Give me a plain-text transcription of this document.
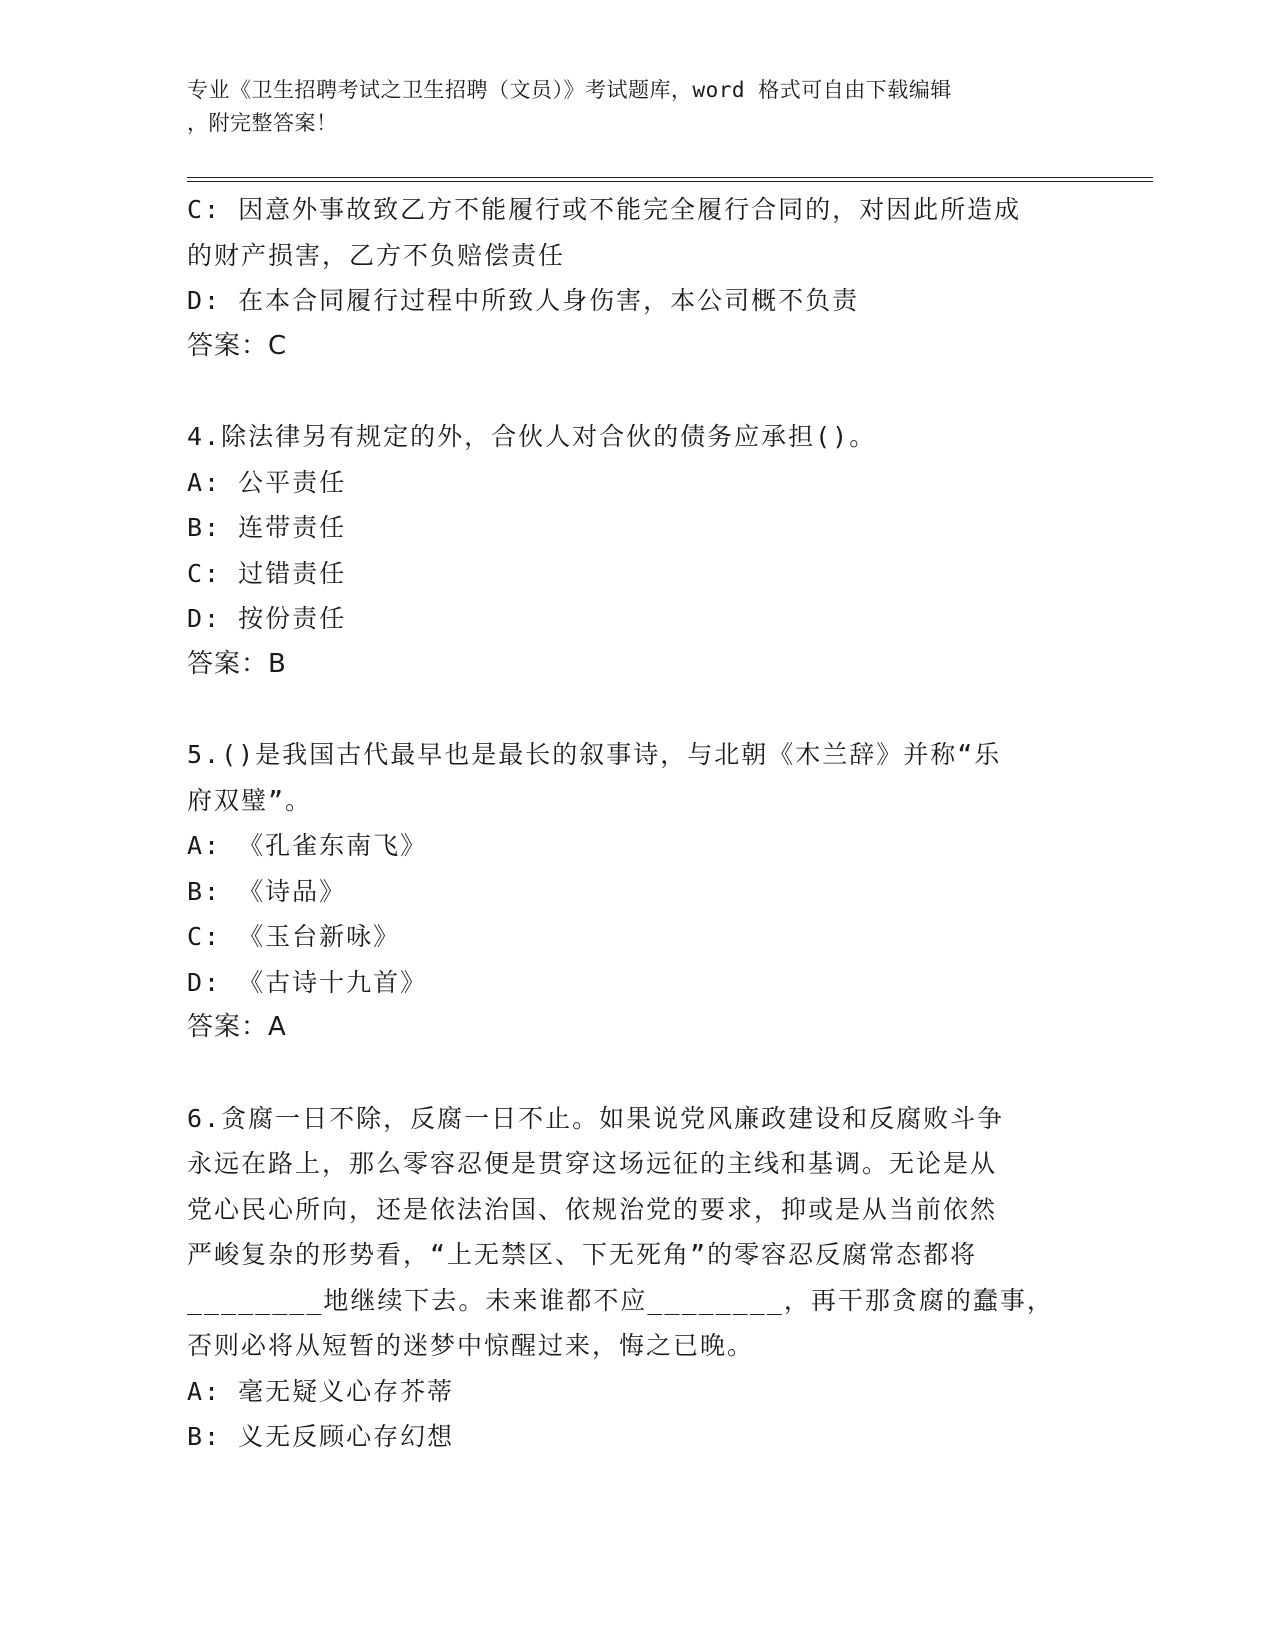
专业《卫生招聘考试之卫生招聘（文员）》考试题库，word 格式可自由下载编辑
，附完整答案！
C: 因意外事故致乙方不能履行或不能完全履行合同的，对因此所造成
的财产损害，乙方不负赔偿责任
D: 在本合同履行过程中所致人身伤害，本公司概不负责
答案：C
4.除法律另有规定的外，合伙人对合伙的债务应承担()。
A: 公平责任
B: 连带责任
C: 过错责任
D: 按份责任
答案：B
5.()是我国古代最早也是最长的叙事诗，与北朝《木兰辞》并称“乐
府双璧”。
A: 《孔雀东南飞》
B: 《诗品》
C: 《玉台新咏》
D: 《古诗十九首》
答案：A
6.贪腐一日不除，反腐一日不止。如果说党风廉政建设和反腐败斗争
永远在路上，那么零容忍便是贯穿这场远征的主线和基调。无论是从
党心民心所向，还是依法治国、依规治党的要求，抑或是从当前依然
严峻复杂的形势看，“上无禁区、下无死角”的零容忍反腐常态都将
________地继续下去。未来谁都不应________，再干那贪腐的蠢事，
否则必将从短暂的迷梦中惊醒过来，悔之已晚。
A: 毫无疑义心存芥蒂
B: 义无反顾心存幻想
